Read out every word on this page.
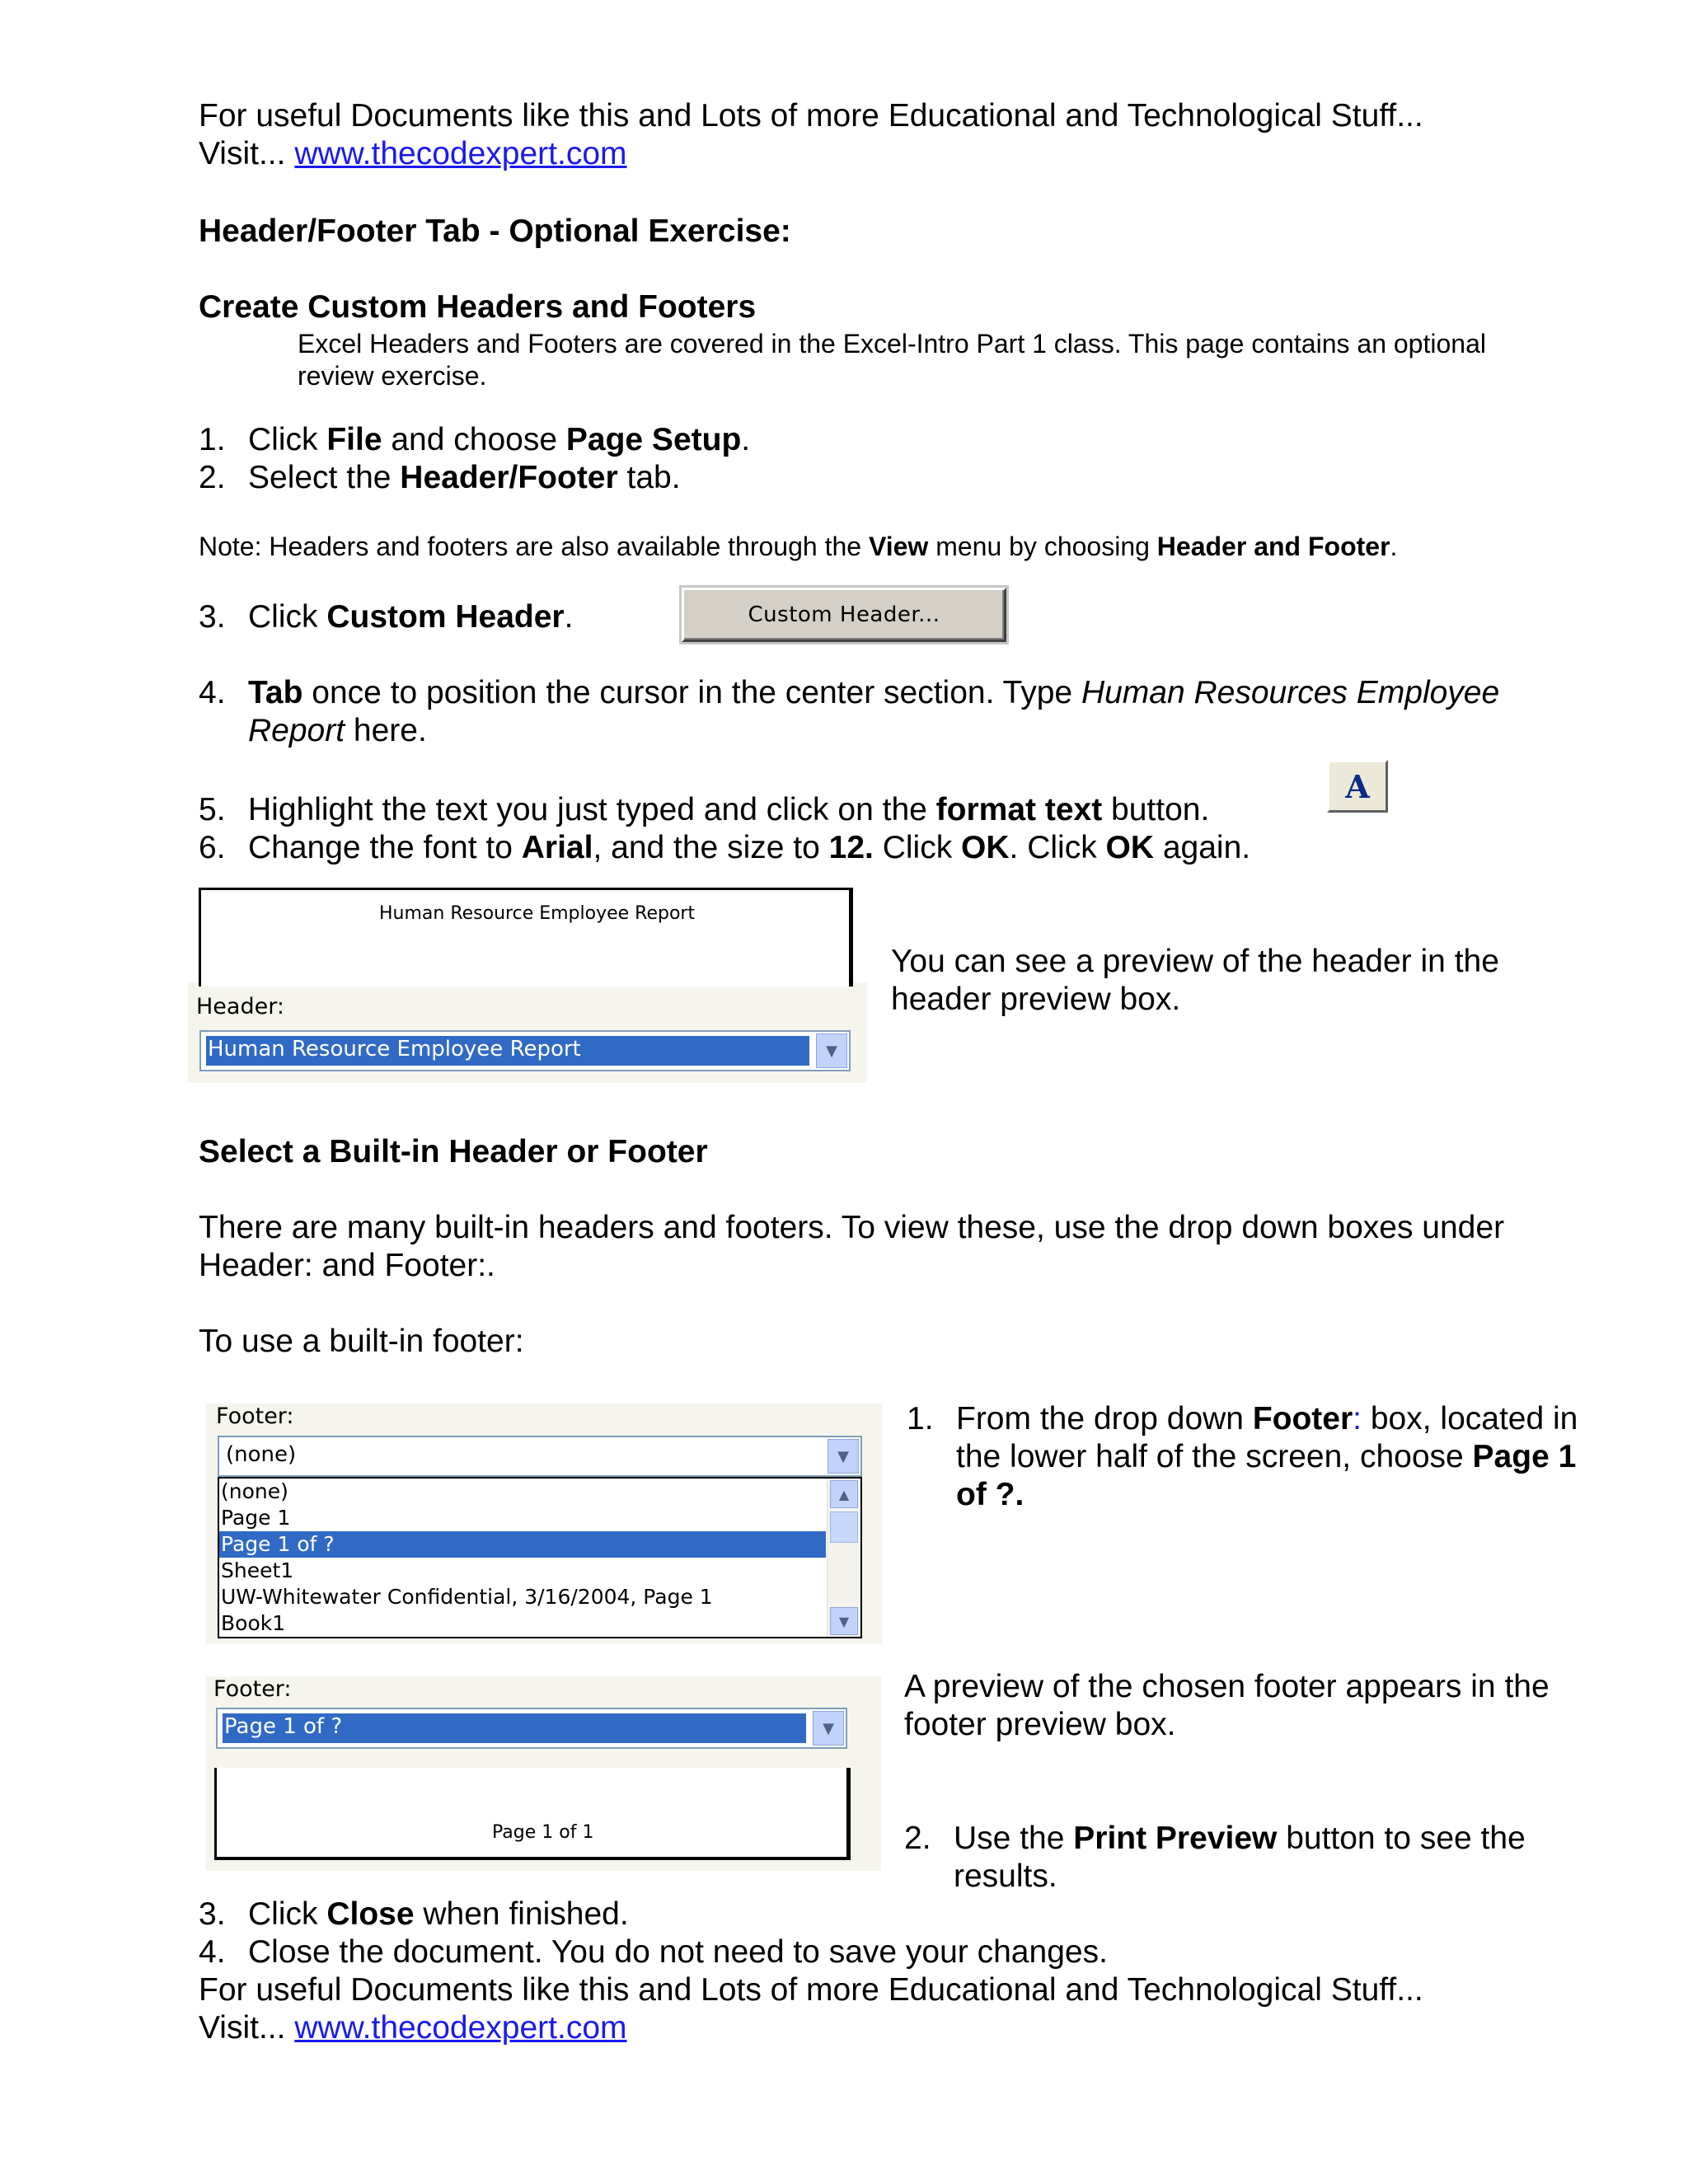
For useful Documents like this and Lots of more Educational and Technological Stuff...
Visit... www.thecodexpert.com
Header/Footer Tab - Optional Exercise:
Create Custom Headers and Footers
Excel Headers and Footers are covered in the Excel-Intro Part 1 class. This page contains an optional
review exercise.
1. Click File and choose Page Setup.
2. Select the Header/Footer tab.
Note: Headers and footers are also available through the View menu by choosing Header and Footer.
3. Click Custom Header.	Custom Header...
4. Tab once to position the cursor in the center section. Type Human Resources Employee
Report here.
A
5. Highlight the text you just typed and click on the format text button.
6. Change the font to Arial, and the size to 12. Click OK. Click OK again.
Human Resource Employee Report
Header:
Human Resource Employee Report	▼
You can see a preview of the header in the
header preview box.
Select a Built-in Header or Footer
There are many built-in headers and footers. To view these, use the drop down boxes under
Header: and Footer:.
To use a built-in footer:
Footer:
(none)	▼
(none)
Page 1
Page 1 of ?
Sheet1
UW-Whitewater Confidential, 3/16/2004, Page 1
Book1
▲
▼
1. From the drop down Footer: box, located in
the lower half of the screen, choose Page 1
of ?.
Footer:
Page 1 of ?	▼
Page 1 of 1
A preview of the chosen footer appears in the
footer preview box.
2. Use the Print Preview button to see the
results.
3. Click Close when finished.
4. Close the document. You do not need to save your changes.
For useful Documents like this and Lots of more Educational and Technological Stuff...
Visit... www.thecodexpert.com
